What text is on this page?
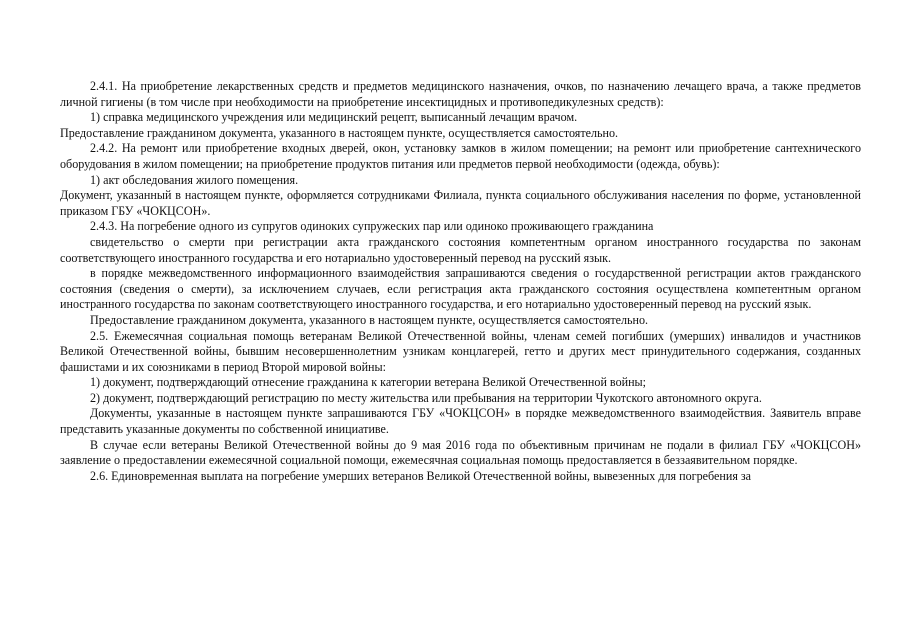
2.4.1. На приобретение лекарственных средств и предметов медицинского назначения, очков, по назначению лечащего врача, а также предметов личной гигиены (в том числе при необходимости на приобретение инсектицидных и противопедикулезных средств):
1) справка медицинского учреждения или медицинский рецепт, выписанный лечащим врачом.
Предоставление гражданином документа, указанного в настоящем пункте, осуществляется самостоятельно.
2.4.2. На ремонт или приобретение входных дверей, окон, установку замков в жилом помещении; на ремонт или приобретение сантехнического оборудования в жилом помещении; на приобретение продуктов питания или предметов первой необходимости (одежда, обувь):
1) акт обследования жилого помещения.
Документ, указанный в настоящем пункте, оформляется сотрудниками Филиала, пункта социального обслуживания населения по форме, установленной приказом ГБУ «ЧОКЦСОН».
2.4.3. На погребение одного из супругов одиноких супружеских пар или одиноко проживающего гражданина
свидетельство о смерти при регистрации акта гражданского состояния компетентным органом иностранного государства по законам соответствующего иностранного государства и его нотариально удостоверенный перевод на русский язык.
в порядке межведомственного информационного взаимодействия запрашиваются сведения о государственной регистрации актов гражданского состояния (сведения о смерти), за исключением случаев, если регистрация акта гражданского состояния осуществлена компетентным органом иностранного государства по законам соответствующего иностранного государства, и его нотариально удостоверенный перевод на русский язык.
Предоставление гражданином документа, указанного в настоящем пункте, осуществляется самостоятельно.
2.5. Ежемесячная социальная помощь ветеранам Великой Отечественной войны, членам семей погибших (умерших) инвалидов и участников Великой Отечественной войны, бывшим несовершеннолетним узникам концлагерей, гетто и других мест принудительного содержания, созданных фашистами и их союзниками в период Второй мировой войны:
1) документ, подтверждающий отнесение гражданина к категории ветерана Великой Отечественной войны;
2) документ, подтверждающий регистрацию по месту жительства или пребывания на территории Чукотского автономного округа.
Документы, указанные в настоящем пункте запрашиваются ГБУ «ЧОКЦСОН» в порядке межведомственного взаимодействия. Заявитель вправе представить указанные документы по собственной инициативе.
В случае если ветераны Великой Отечественной войны до 9 мая 2016 года по объективным причинам не подали в филиал ГБУ «ЧОКЦСОН» заявление о предоставлении ежемесячной социальной помощи, ежемесячная социальная помощь предоставляется в беззаявительном порядке.
2.6. Единовременная выплата на погребение умерших ветеранов Великой Отечественной войны, вывезенных для погребения за
